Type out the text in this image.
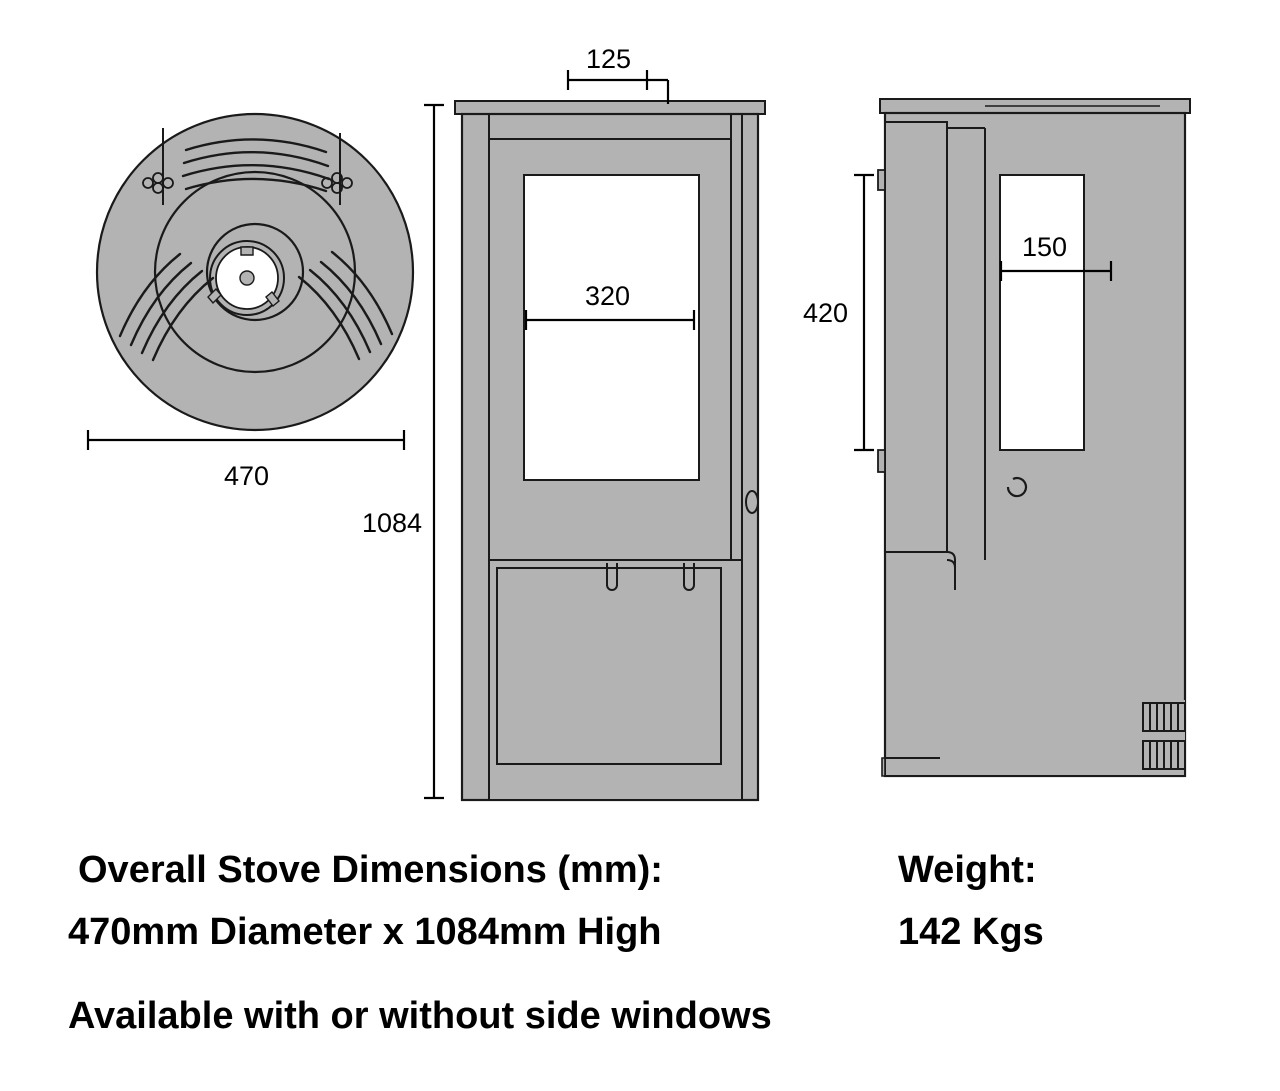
125
470
1084
320
420
150
Overall Stove Dimensions (mm):
470mm Diameter x 1084mm High
Weight:
142 Kgs
Available with or without side windows
